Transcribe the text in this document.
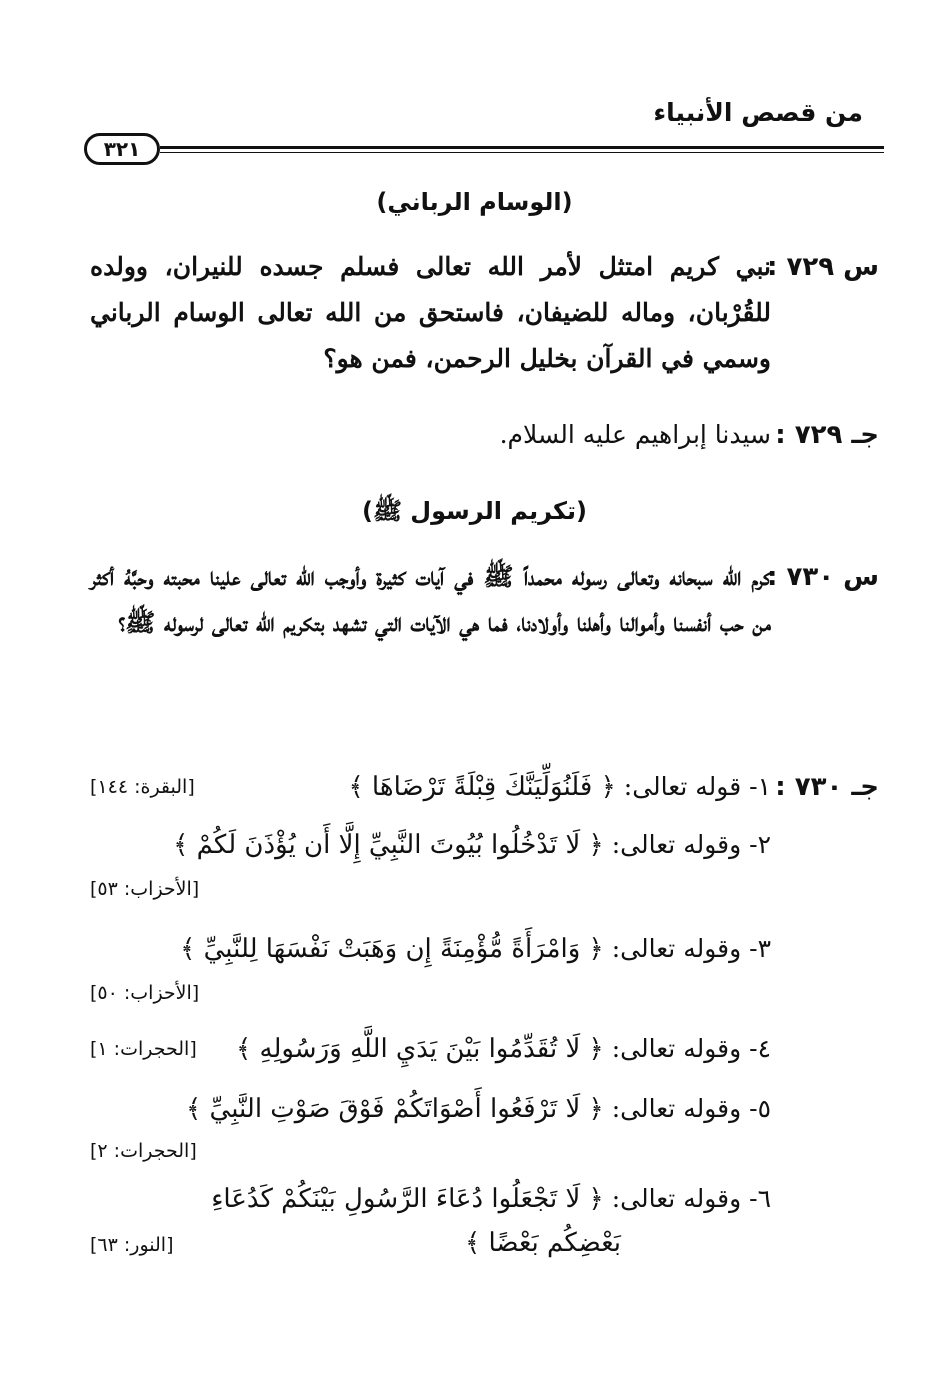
من قصص الأنبياء
٣٢١
(الوسام الرباني)
س ٧٢٩ :
نبي كريم امتثل لأمر الله تعالى فسلم جسده للنيران، وولده للقُرْبان، وماله للضيفان، فاستحق من الله تعالى الوسام الرباني وسمي في القرآن بخليل الرحمن، فمن هو؟
جـ ٧٢٩ :
سيدنا إبراهيم عليه السلام.
(تكريم الرسول ﷺ)
س ٧٣٠ :
كرم الله سبحانه وتعالى رسوله محمداً ﷺ في آيات كثيرة وأوجب الله تعالى علينا محبته وحبَّهُ أكثر من حب أنفسنا وأموالنا وأهلنا وأولادنا، فما هي الآيات التي تشهد بتكريم الله تعالى لرسوله ﷺ؟
جـ ٧٣٠ :
١-

قوله تعالى:

﴿ فَلَنُوَلِّيَنَّكَ قِبْلَةً تَرْضَاهَا ﴾
[البقرة: ١٤٤]
٢-

وقوله تعالى:

﴿ لَا تَدْخُلُوا بُيُوتَ النَّبِيِّ إِلَّا أَن يُؤْذَنَ لَكُمْ ﴾
[الأحزاب: ٥٣]
٣-

وقوله تعالى:

﴿ وَامْرَأَةً مُّؤْمِنَةً إِن وَهَبَتْ نَفْسَهَا لِلنَّبِيِّ ﴾
[الأحزاب: ٥٠]
٤-

وقوله تعالى:

﴿ لَا تُقَدِّمُوا بَيْنَ يَدَيِ اللَّهِ وَرَسُولِهِ ﴾
[الحجرات: ١]
٥-

وقوله تعالى:

﴿ لَا تَرْفَعُوا أَصْوَاتَكُمْ فَوْقَ صَوْتِ النَّبِيِّ ﴾
[الحجرات: ٢]
٦-

وقوله تعالى:

﴿ لَا تَجْعَلُوا دُعَاءَ الرَّسُولِ بَيْنَكُمْ كَدُعَاءِ
بَعْضِكُم بَعْضًا ﴾
[النور: ٦٣]
